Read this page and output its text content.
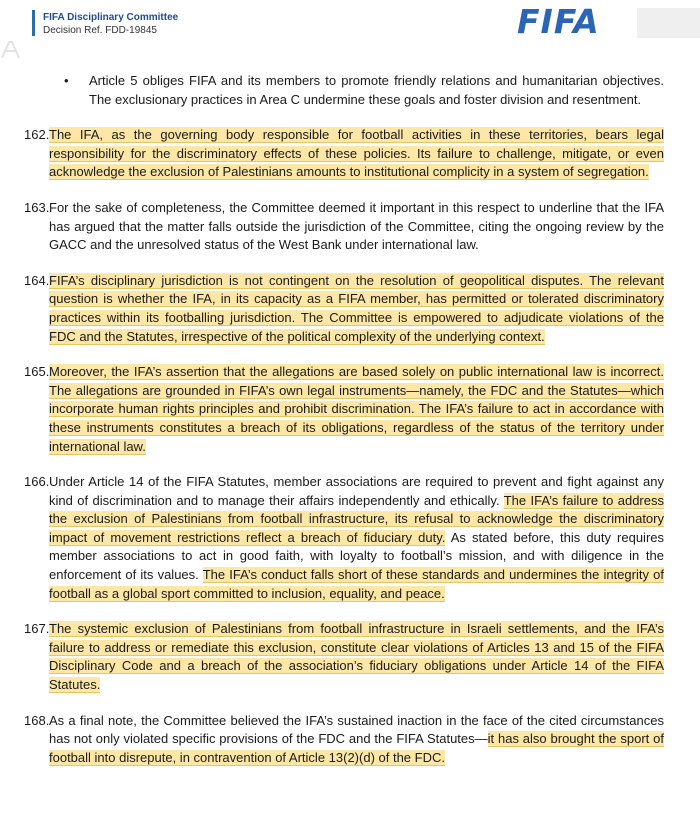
FIFA Disciplinary Committee
Decision Ref. FDD-19845	FIFA
•	Article 5 obliges FIFA and its members to promote friendly relations and humanitarian objectives. The exclusionary practices in Area C undermine these goals and foster division and resentment.
162. The IFA, as the governing body responsible for football activities in these territories, bears legal responsibility for the discriminatory effects of these policies. Its failure to challenge, mitigate, or even acknowledge the exclusion of Palestinians amounts to institutional complicity in a system of segregation.
163. For the sake of completeness, the Committee deemed it important in this respect to underline that the IFA has argued that the matter falls outside the jurisdiction of the Committee, citing the ongoing review by the GACC and the unresolved status of the West Bank under international law.
164. FIFA’s disciplinary jurisdiction is not contingent on the resolution of geopolitical disputes. The relevant question is whether the IFA, in its capacity as a FIFA member, has permitted or tolerated discriminatory practices within its footballing jurisdiction. The Committee is empowered to adjudicate violations of the FDC and the Statutes, irrespective of the political complexity of the underlying context.
165. Moreover, the IFA’s assertion that the allegations are based solely on public international law is incorrect. The allegations are grounded in FIFA’s own legal instruments—namely, the FDC and the Statutes—which incorporate human rights principles and prohibit discrimination. The IFA’s failure to act in accordance with these instruments constitutes a breach of its obligations, regardless of the status of the territory under international law.
166. Under Article 14 of the FIFA Statutes, member associations are required to prevent and fight against any kind of discrimination and to manage their affairs independently and ethically. The IFA’s failure to address the exclusion of Palestinians from football infrastructure, its refusal to acknowledge the discriminatory impact of movement restrictions reflect a breach of fiduciary duty. As stated before, this duty requires member associations to act in good faith, with loyalty to football’s mission, and with diligence in the enforcement of its values. The IFA’s conduct falls short of these standards and undermines the integrity of football as a global sport committed to inclusion, equality, and peace.
167. The systemic exclusion of Palestinians from football infrastructure in Israeli settlements, and the IFA’s failure to address or remediate this exclusion, constitute clear violations of Articles 13 and 15 of the FIFA Disciplinary Code and a breach of the association’s fiduciary obligations under Article 14 of the FIFA Statutes.
168. As a final note, the Committee believed the IFA’s sustained inaction in the face of the cited circumstances has not only violated specific provisions of the FDC and the FIFA Statutes—it has also brought the sport of football into disrepute, in contravention of Article 13(2)(d) of the FDC.
